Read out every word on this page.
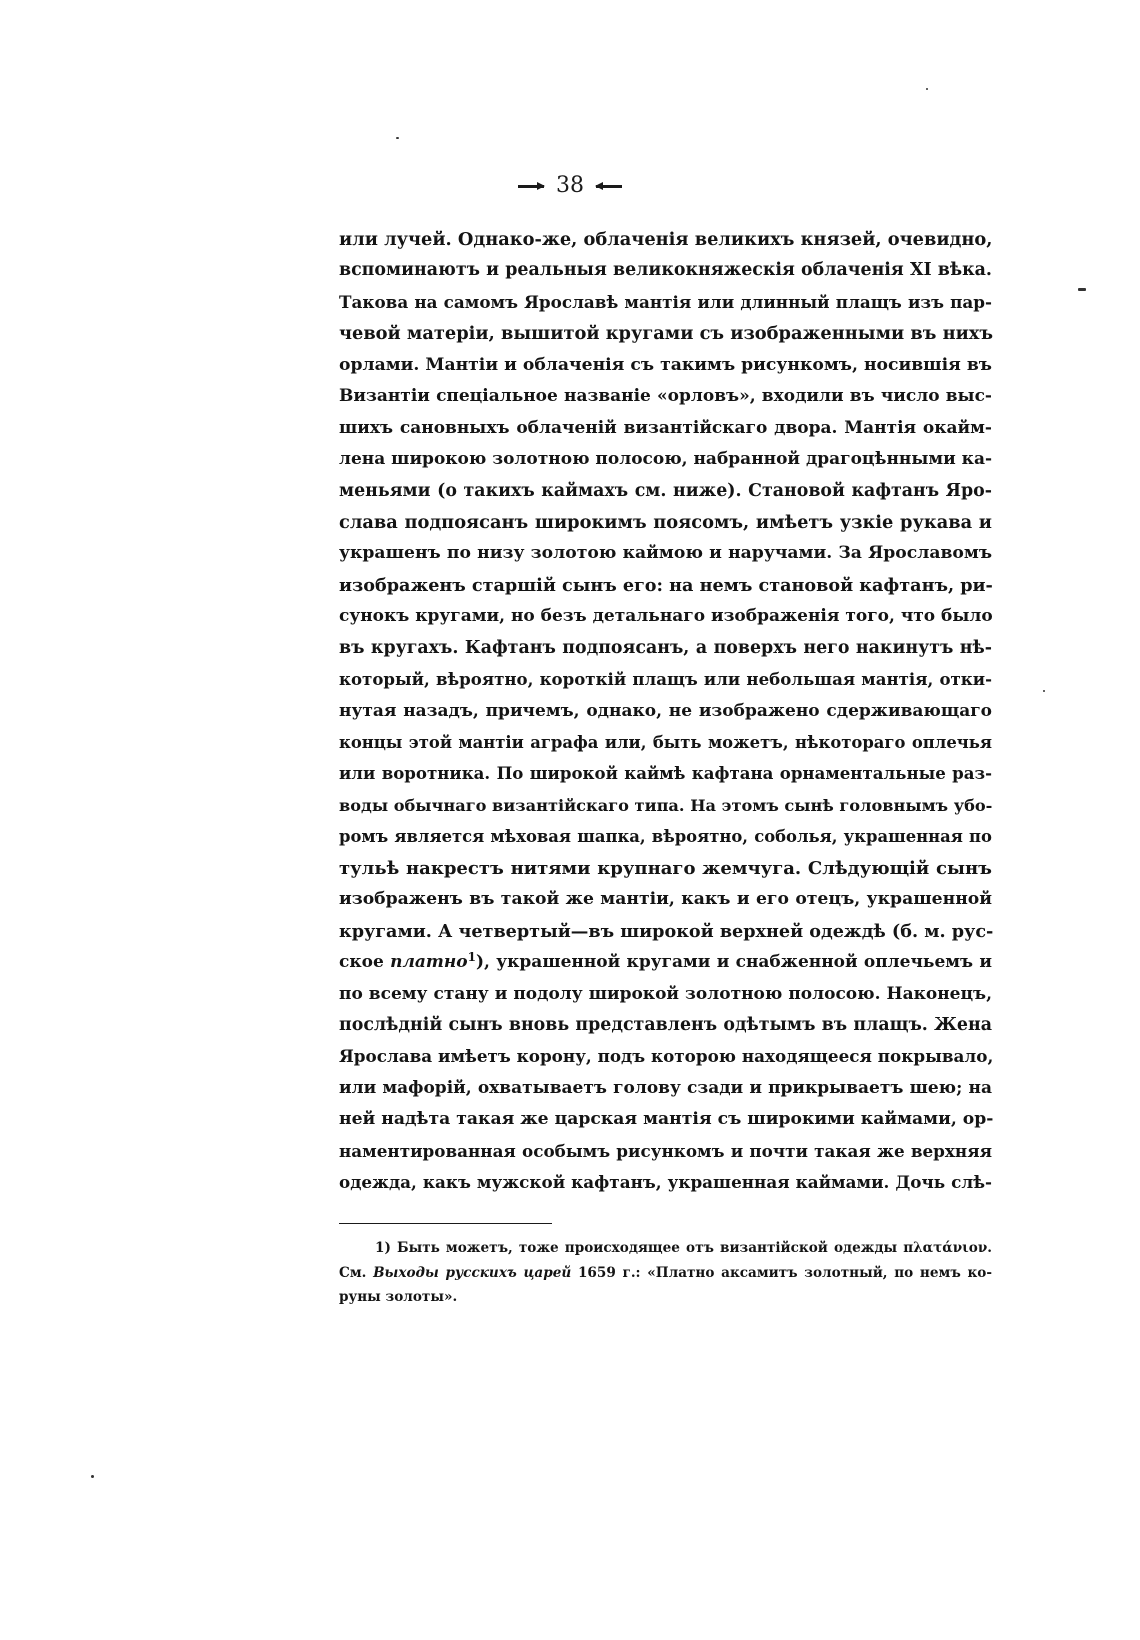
38
или лучей. Однако-же, облаченія великихъ князей, очевидно,
вспоминаютъ и реальныя великокняжескія облаченія XI вѣка.
Такова на самомъ Ярославѣ мантія или длинный плащъ изъ пар-
чевой матеріи, вышитой кругами съ изображенными въ нихъ
орлами. Мантіи и облаченія съ такимъ рисункомъ, носившія въ
Византіи спеціальное названіе «орловъ», входили въ число выс-
шихъ сановныхъ облаченій византійскаго двора. Мантія окайм-
лена широкою золотною полосою, набранной драгоцѣнными ка-
меньями (о такихъ каймахъ см. ниже). Становой кафтанъ Яро-
слава подпоясанъ широкимъ поясомъ, имѣетъ узкіе рукава и
украшенъ по низу золотою каймою и наручами. За Ярославомъ
изображенъ старшій сынъ его: на немъ становой кафтанъ, ри-
сунокъ кругами, но безъ детальнаго изображенія того, что было
въ кругахъ. Кафтанъ подпоясанъ, а поверхъ него накинутъ нѣ-
который, вѣроятно, короткій плащъ или небольшая мантія, отки-
нутая назадъ, причемъ, однако, не изображено сдерживающаго
концы этой мантіи аграфа или, быть можетъ, нѣкотораго оплечья
или воротника. По широкой каймѣ кафтана орнаментальные раз-
воды обычнаго византійскаго типа. На этомъ сынѣ головнымъ убо-
ромъ является мѣховая шапка, вѣроятно, соболья, украшенная по
тульѣ накрестъ нитями крупнаго жемчуга. Слѣдующій сынъ
изображенъ въ такой же мантіи, какъ и его отецъ, украшенной
кругами. А четвертый—въ широкой верхней одеждѣ (б. м. рус-
ское платно$^1$), украшенной кругами и снабженной оплечьемъ и
по всему стану и подолу широкой золотною полосою. Наконецъ,
послѣдній сынъ вновь представленъ одѣтымъ въ плащъ. Жена
Ярослава имѣетъ корону, подъ которою находящееся покрывало,
или мафорій, охватываетъ голову сзади и прикрываетъ шею; на
ней надѣта такая же царская мантія съ широкими каймами, ор-
наментированная особымъ рисункомъ и почти такая же верхняя
одежда, какъ мужской кафтанъ, украшенная каймами. Дочь слѣ-
1) Быть можетъ, тоже происходящее отъ византійской одежды πλατάνιον.
См. Выходы русскихъ царей 1659 г.: «Платно аксамитъ золотный, по немъ ко-
руны золоты».
